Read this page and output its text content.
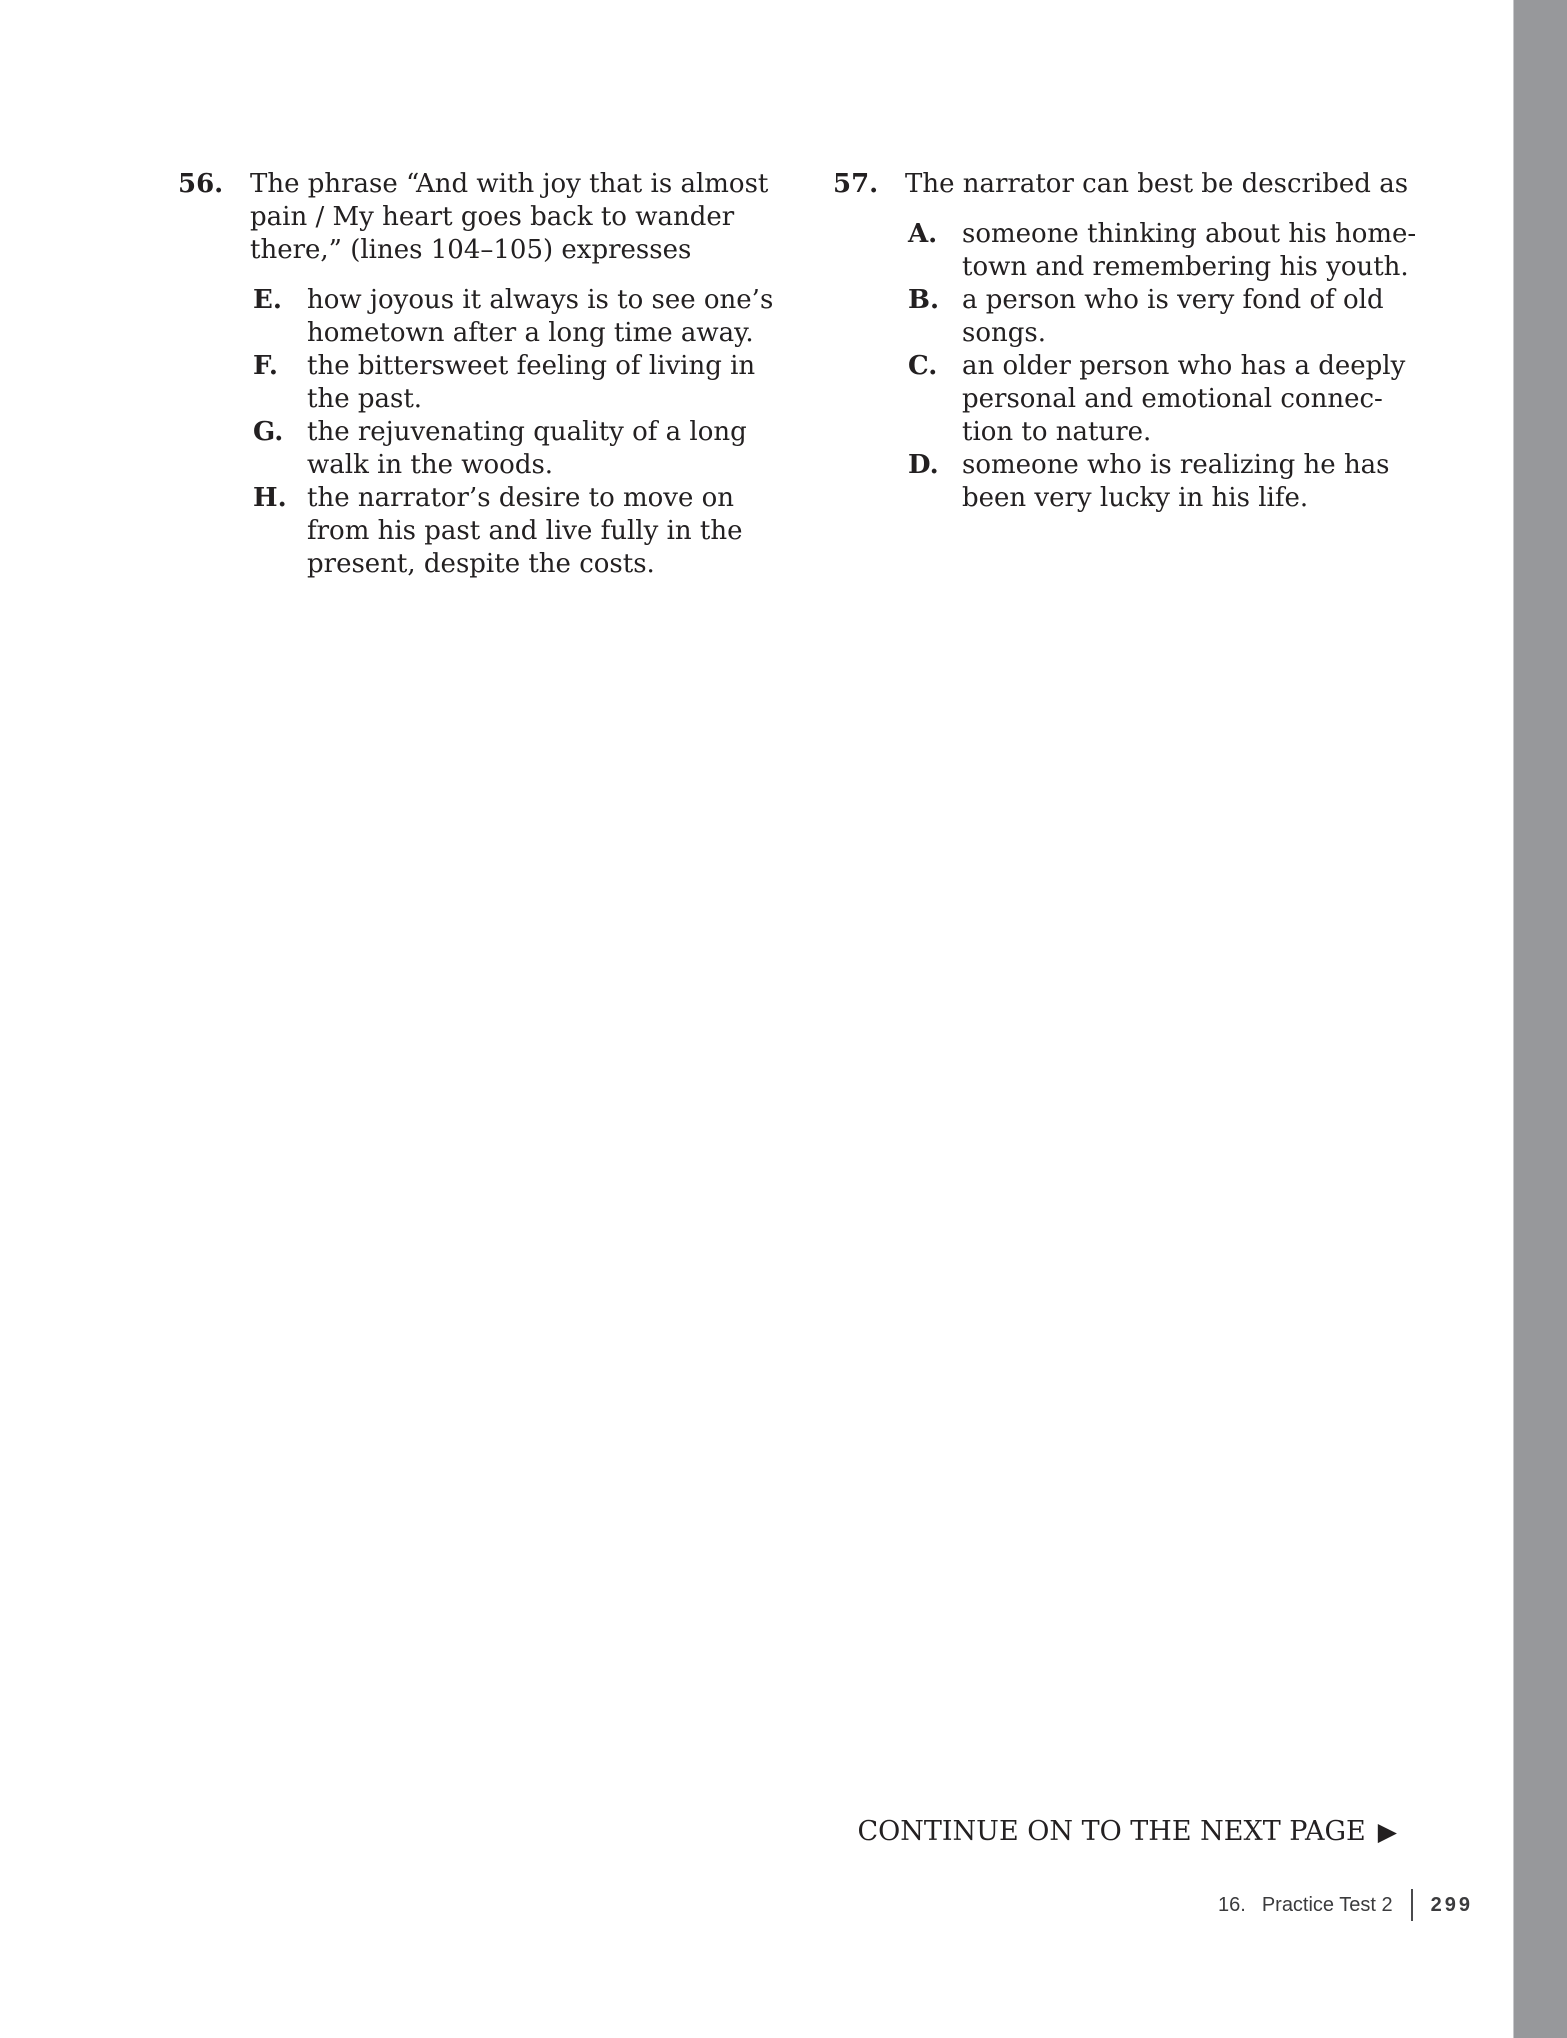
56.	The phrase “And with joy that is almost pain / My heart goes back to wander there,” (lines 104–105) expresses

E. how joyous it always is to see one’s hometown after a long time away.

F.	the bittersweet feeling of living in the past.

G. the rejuvenating quality of a long walk in the woods.

H. the narrator’s desire to move on from his past and live fully in the present, despite the costs.

57.	The narrator can best be described as

A. someone thinking about his home-town and remembering his youth.

B. a person who is very fond of old songs.

C. an older person who has a deeply personal and emotional connec-tion to nature.

D. someone who is realizing he has been very lucky in his life.

CONTINUE ON TO THE NEXT PAGE ▶
16. Practice Test 2 299
